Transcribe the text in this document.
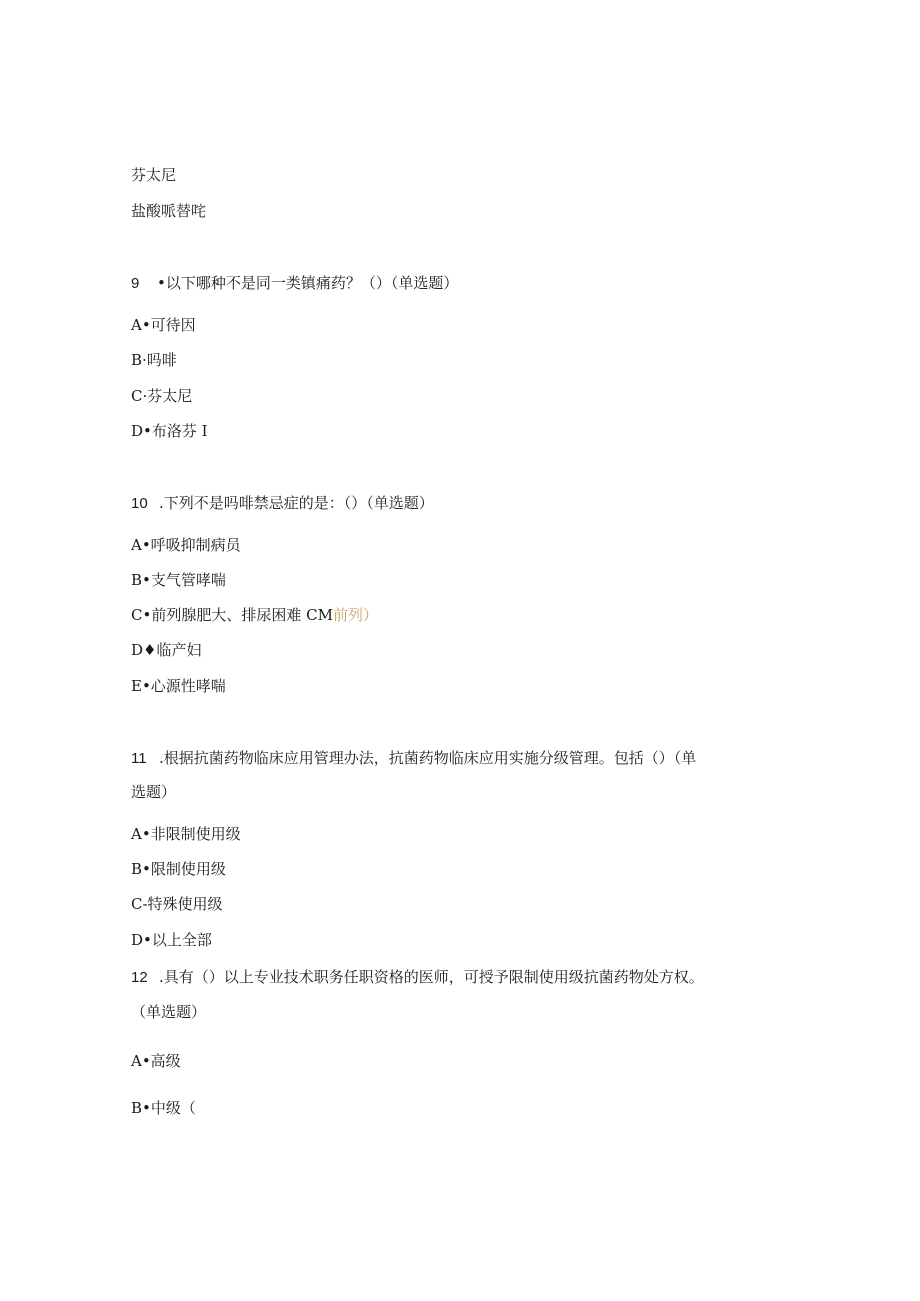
芬太尼
盐酸哌替咤
9 •以下哪种不是同一类镇痛药？（）（单选题）
A•可待因
B·吗啡
C·芬太尼
D•布洛芬 I
10 .下列不是吗啡禁忌症的是：（）（单选题）
A•呼吸抑制病员
B•支气管哮喘
C•前列腺肥大、排尿困难 CM前列）
D♦临产妇
E•心源性哮喘
11 .根据抗菌药物临床应用管理办法，抗菌药物临床应用实施分级管理。包括（）（单
选题）
A•非限制使用级
B•限制使用级
C-特殊使用级
D•以上全部
12 .具有（）以上专业技术职务任职资格的医师，可授予限制使用级抗菌药物处方权。
（单选题）
A•高级
B•中级（
